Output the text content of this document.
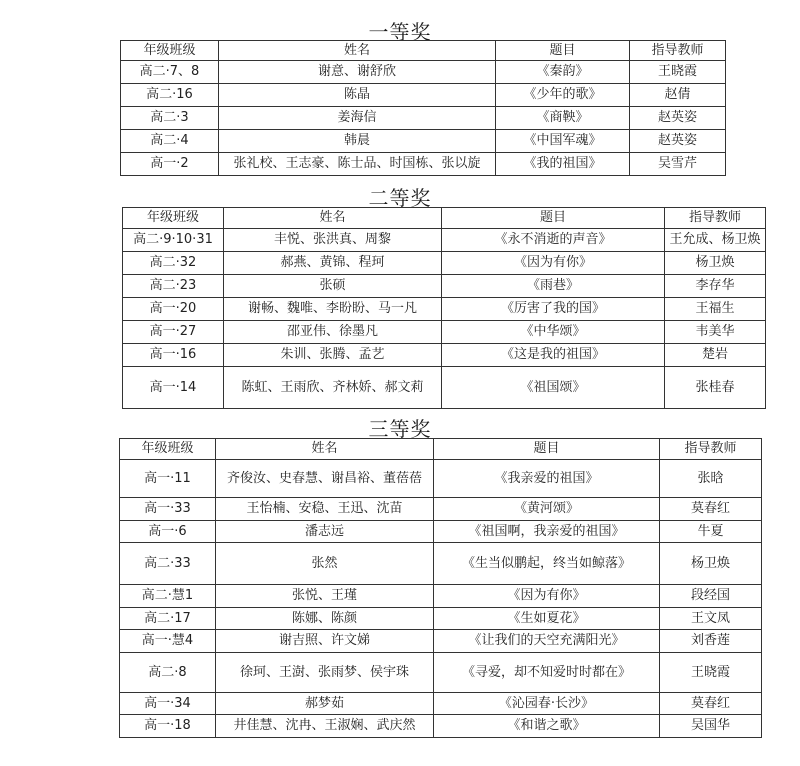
一等奖
年级班级	姓名	题目	指导教师
高二·7、8	谢意、谢舒欣	《秦韵》	王晓霞
高二·16	陈晶	《少年的歌》	赵倩
高二·3	姜海信	《商鞅》	赵英姿
高二·4	韩晨	《中国军魂》	赵英姿
高一·2	张礼校、王志豪、陈士品、时国栋、张以旋	《我的祖国》	吴雪芹
二等奖
年级班级	姓名	题目	指导教师
高二·9·10·31	丰悦、张洪真、周黎	《永不消逝的声音》	王允成、杨卫焕
高二·32	郝燕、黄锦、程珂	《因为有你》	杨卫焕
高二·23	张硕	《雨巷》	李存华
高一·20	谢畅、魏唯、李盼盼、马一凡	《厉害了我的国》	王福生
高一·27	邵亚伟、徐墨凡	《中华颂》	韦美华
高一·16	朱训、张腾、孟艺	《这是我的祖国》	楚岩
高一·14	陈虹、王雨欣、齐林娇、郝文莉	《祖国颂》	张桂春
三等奖
年级班级	姓名	题目	指导教师
高一·11	齐俊汝、史春慧、谢昌裕、董蓓蓓	《我亲爱的祖国》	张晗
高一·33	王怡楠、安稳、王迅、沈苗	《黄河颂》	莫春红
高一·6	潘志远	《祖国啊，我亲爱的祖国》	牛夏
高二·33	张然	《生当似鹏起，终当如鲸落》	杨卫焕
高二·慧1	张悦、王瑾	《因为有你》	段经国
高二·17	陈娜、陈颜	《生如夏花》	王文凤
高一·慧4	谢吉照、许文娣	《让我们的天空充满阳光》	刘香莲
高二·8	徐珂、王澍、张雨梦、侯宇珠	《寻爱，却不知爱时时都在》	王晓霞
高一·34	郝梦茹	《沁园春·长沙》	莫春红
高一·18	井佳慧、沈冉、王淑娴、武庆然	《和谐之歌》	吴国华
